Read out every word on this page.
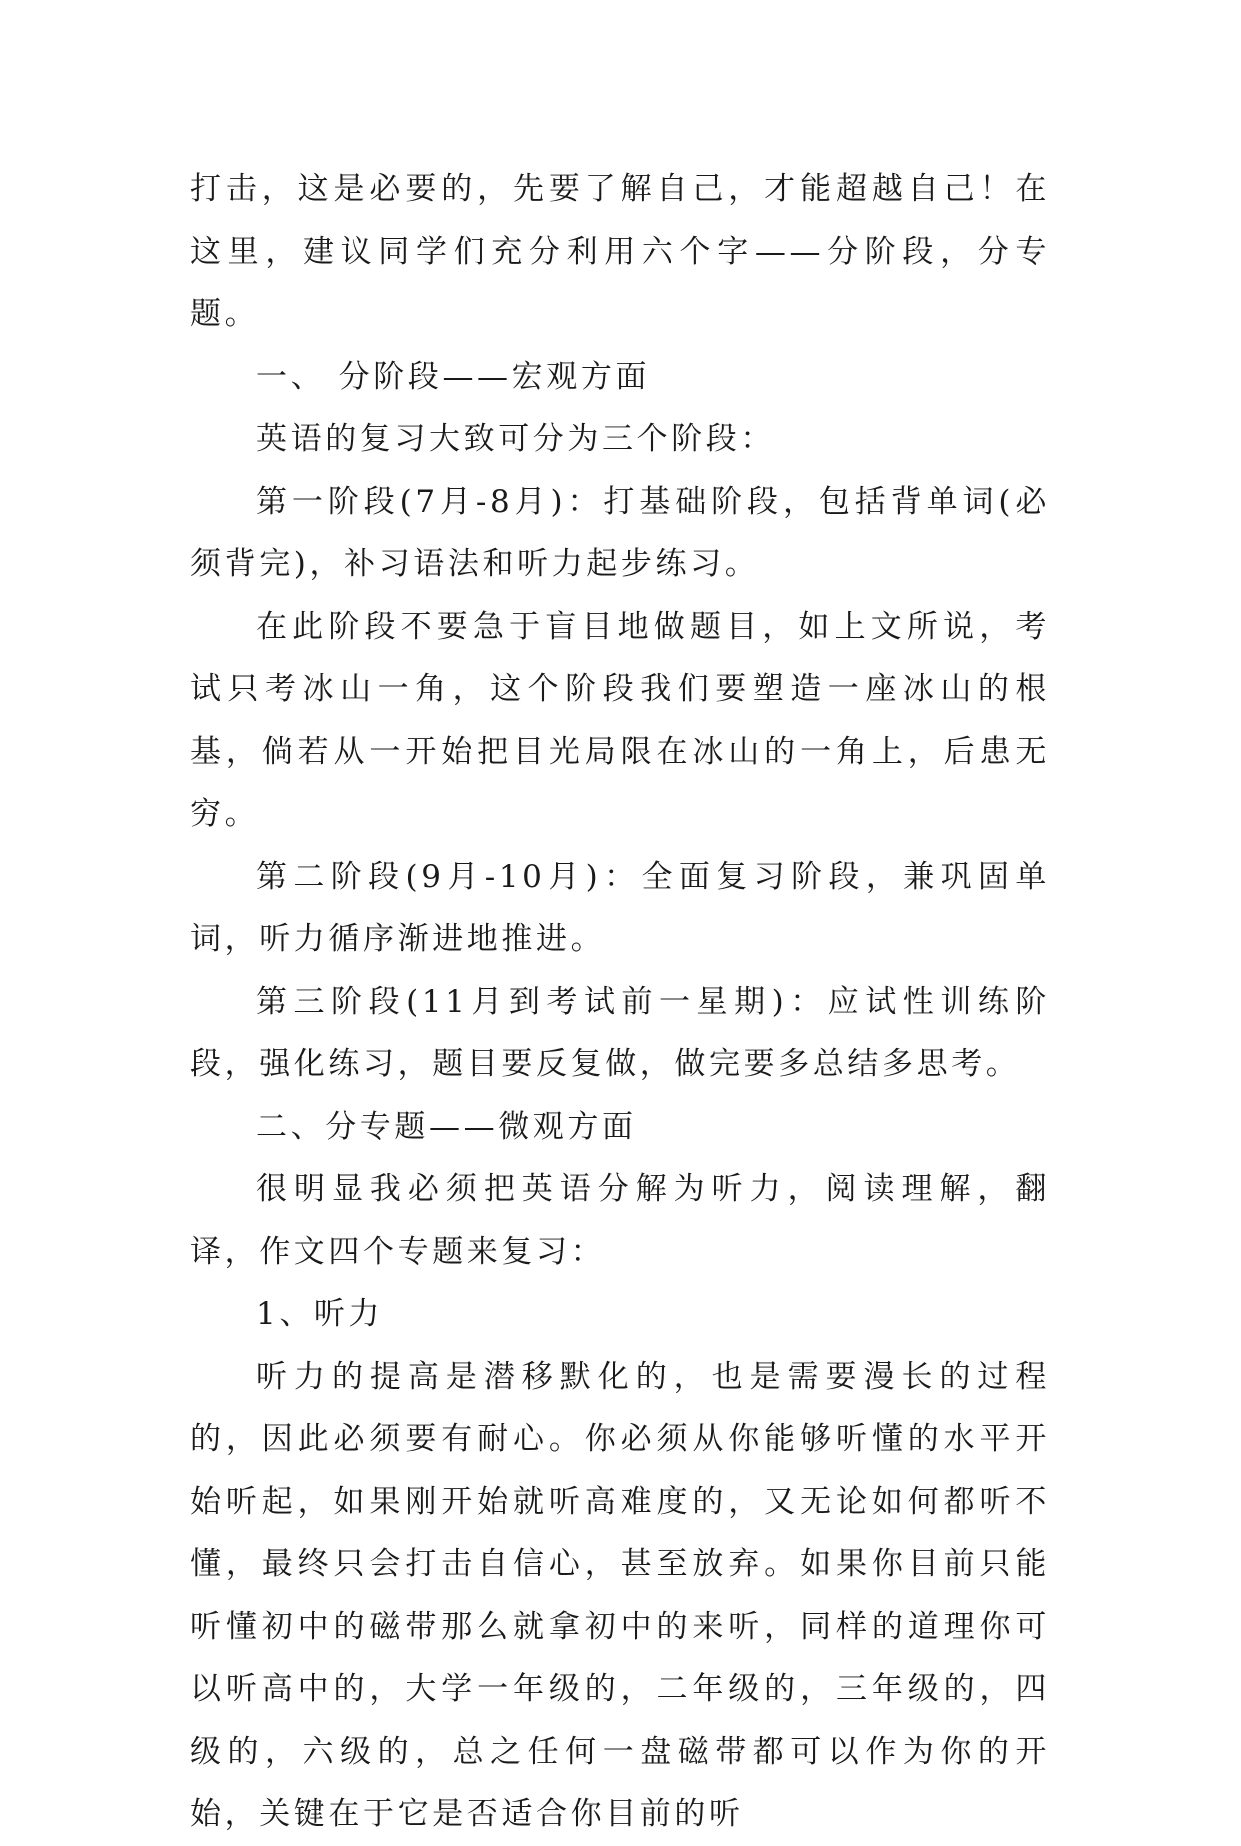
打击，这是必要的，先要了解自己，才能超越自己！在这里，建议同学们充分利用六个字——分阶段，分专题。

一、 分阶段——宏观方面

英语的复习大致可分为三个阶段：

第一阶段(7月-8月)：打基础阶段，包括背单词(必须背完)，补习语法和听力起步练习。

在此阶段不要急于盲目地做题目，如上文所说，考试只考冰山一角，这个阶段我们要塑造一座冰山的根基，倘若从一开始把目光局限在冰山的一角上，后患无穷。

第二阶段(9月-10月)：全面复习阶段，兼巩固单词，听力循序渐进地推进。

第三阶段(11月到考试前一星期)：应试性训练阶段，强化练习，题目要反复做，做完要多总结多思考。

二、分专题——微观方面

很明显我必须把英语分解为听力，阅读理解，翻译，作文四个专题来复习：

1、听力

听力的提高是潜移默化的，也是需要漫长的过程的，因此必须要有耐心。你必须从你能够听懂的水平开始听起，如果刚开始就听高难度的，又无论如何都听不懂，最终只会打击自信心，甚至放弃。如果你目前只能听懂初中的磁带那么就拿初中的来听，同样的道理你可以听高中的，大学一年级的，二年级的，三年级的，四级的，六级的，总之任何一盘磁带都可以作为你的开始，关键在于它是否适合你目前的听
